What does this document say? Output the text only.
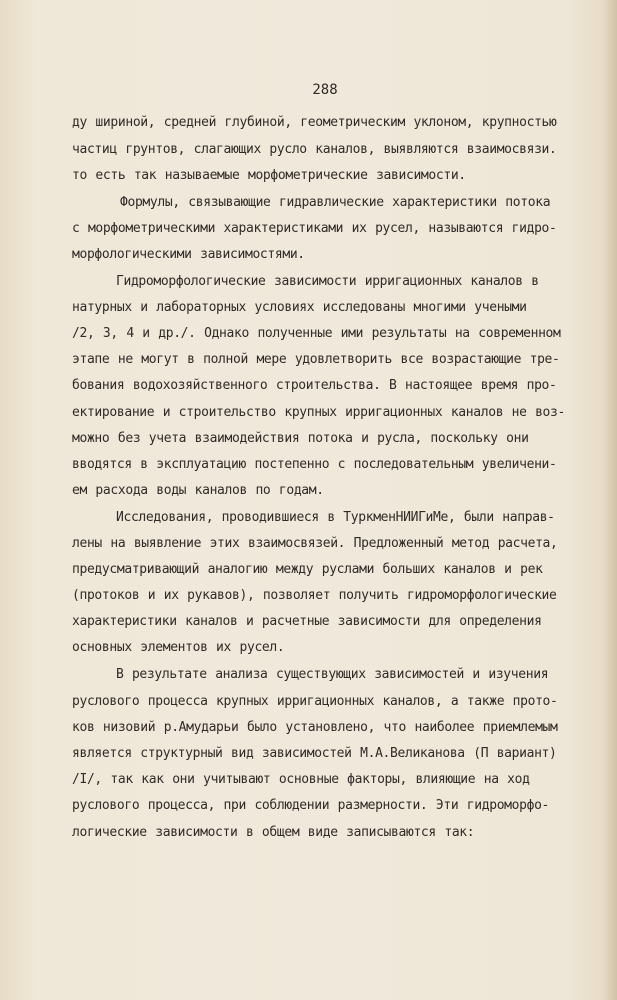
288
ду шириной, средней глубиной, геометрическим уклоном, крупностью
частиц грунтов, слагающих русло каналов, выявляются взаимосвязи.
то есть так называемые морфометрические зависимости.
Формулы, связывающие гидравлические характеристики потока
с морфометрическими характеристиками их русел, называются гидро-
морфологическими зависимостями.
Гидроморфологические зависимости ирригационных каналов в
натурных и лабораторных условиях исследованы многими учеными
/2, 3, 4 и др./. Однако полученные ими результаты на современном
этапе не могут в полной мере удовлетворить все возрастающие тре-
бования водохозяйственного строительства. В настоящее время про-
ектирование и строительство крупных ирригационных каналов не воз-
можно без учета взаимодействия потока и русла, поскольку они
вводятся в эксплуатацию постепенно с последовательным увеличени-
ем расхода воды каналов по годам.
Исследования, проводившиеся в ТуркменНИИГиМе, были направ-
лены на выявление этих взаимосвязей. Предложенный метод расчета,
предусматривающий аналогию между руслами больших каналов и рек
(протоков и их рукавов), позволяет получить гидроморфологические
характеристики каналов и расчетные зависимости для определения
основных элементов их русел.
В результате анализа существующих зависимостей и изучения
руслового процесса крупных ирригационных каналов, а также прото-
ков низовий р.Амударьи было установлено, что наиболее приемлемым
является структурный вид зависимостей М.А.Великанова (П вариант)
/I/, так как они учитывают основные факторы, влияющие на ход
руслового процесса, при соблюдении размерности. Эти гидроморфо-
логические зависимости в общем виде записываются так:
